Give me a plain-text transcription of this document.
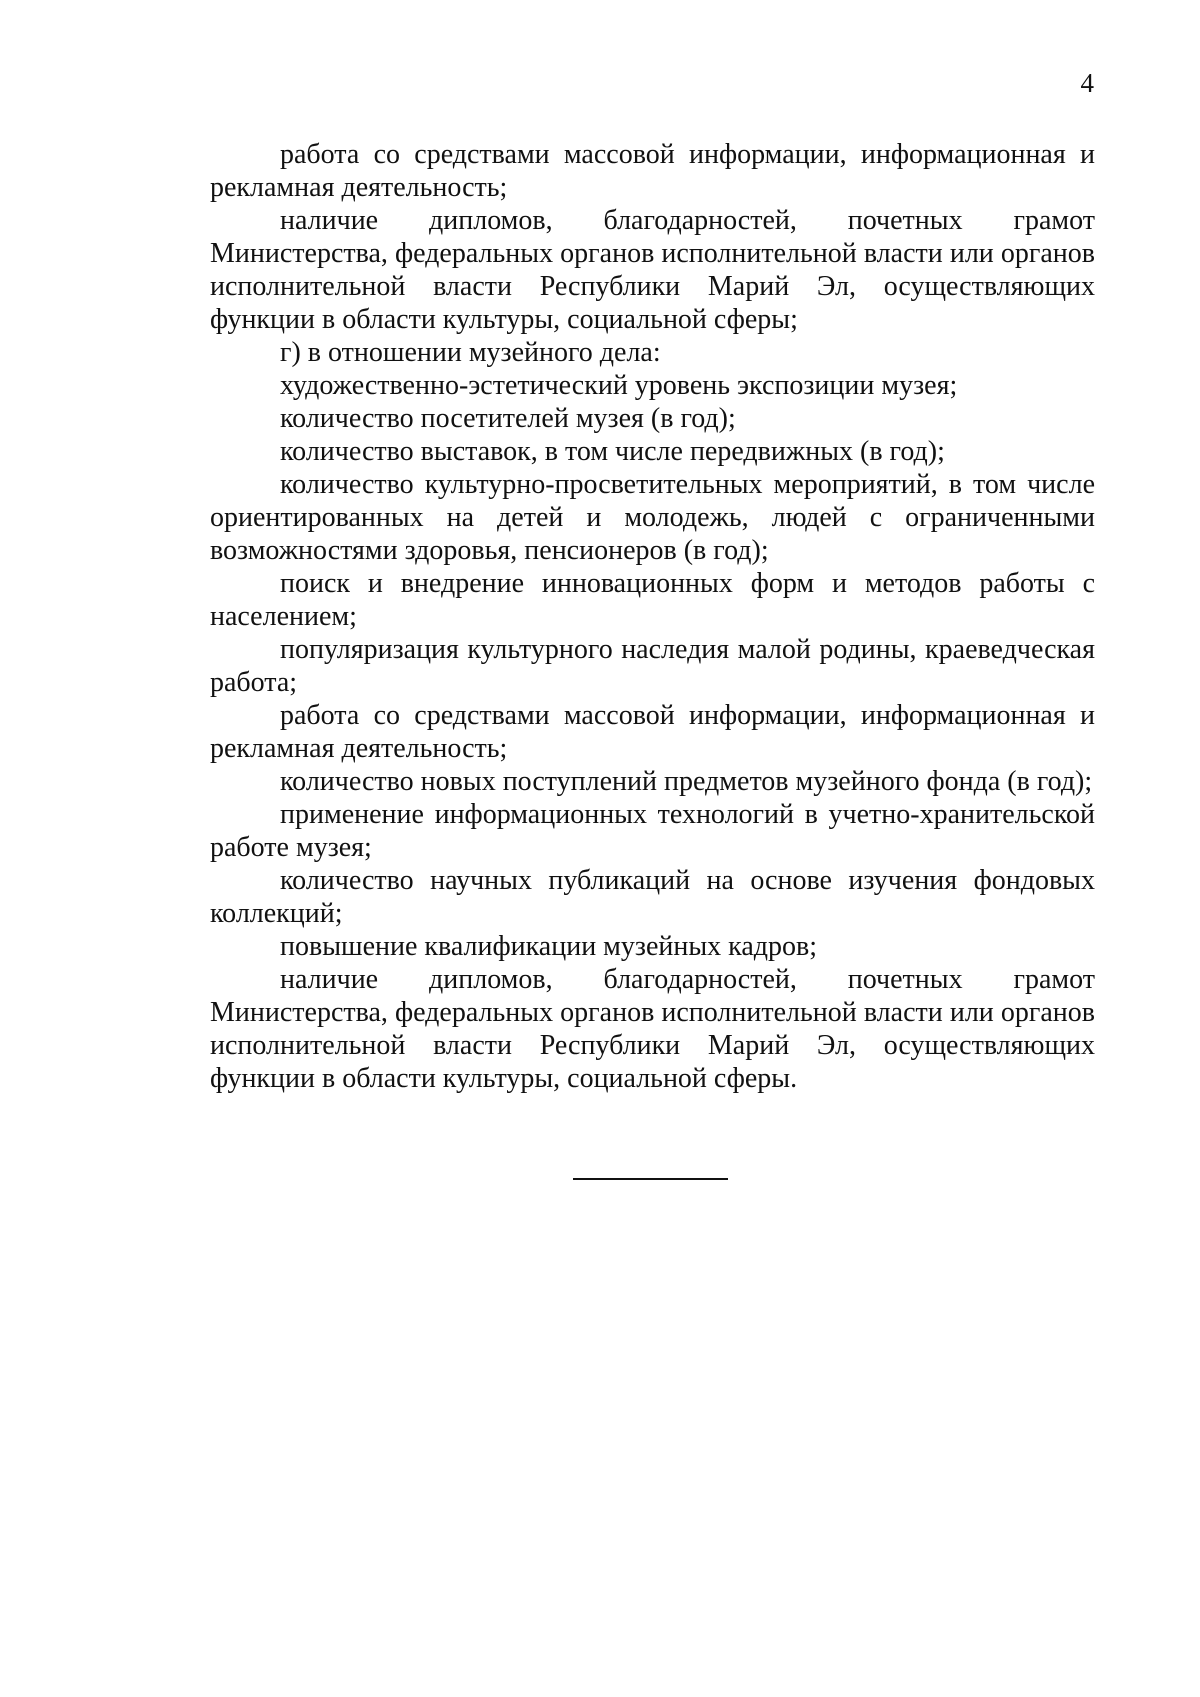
4

работа со средствами массовой информации, информационная и рекламная деятельность;

наличие дипломов, благодарностей, почетных грамот Министерства, федеральных органов исполнительной власти или органов исполнительной власти Республики Марий Эл, осуществляющих функции в области культуры, социальной сферы;

г) в отношении музейного дела:

художественно-эстетический уровень экспозиции музея;

количество посетителей музея (в год);

количество выставок, в том числе передвижных (в год);

количество культурно-просветительных мероприятий, в том числе ориентированных на детей и молодежь, людей с ограниченными возможностями здоровья, пенсионеров (в год);

поиск и внедрение инновационных форм и методов работы с населением;

популяризация культурного наследия малой родины, краеведческая работа;

работа со средствами массовой информации, информационная и рекламная деятельность;

количество новых поступлений предметов музейного фонда (в год);

применение информационных технологий в учетно-хранительской работе музея;

количество научных публикаций на основе изучения фондовых коллекций;

повышение квалификации музейных кадров;

наличие дипломов, благодарностей, почетных грамот Министерства, федеральных органов исполнительной власти или органов исполнительной власти Республики Марий Эл, осуществляющих функции в области культуры, социальной сферы.
